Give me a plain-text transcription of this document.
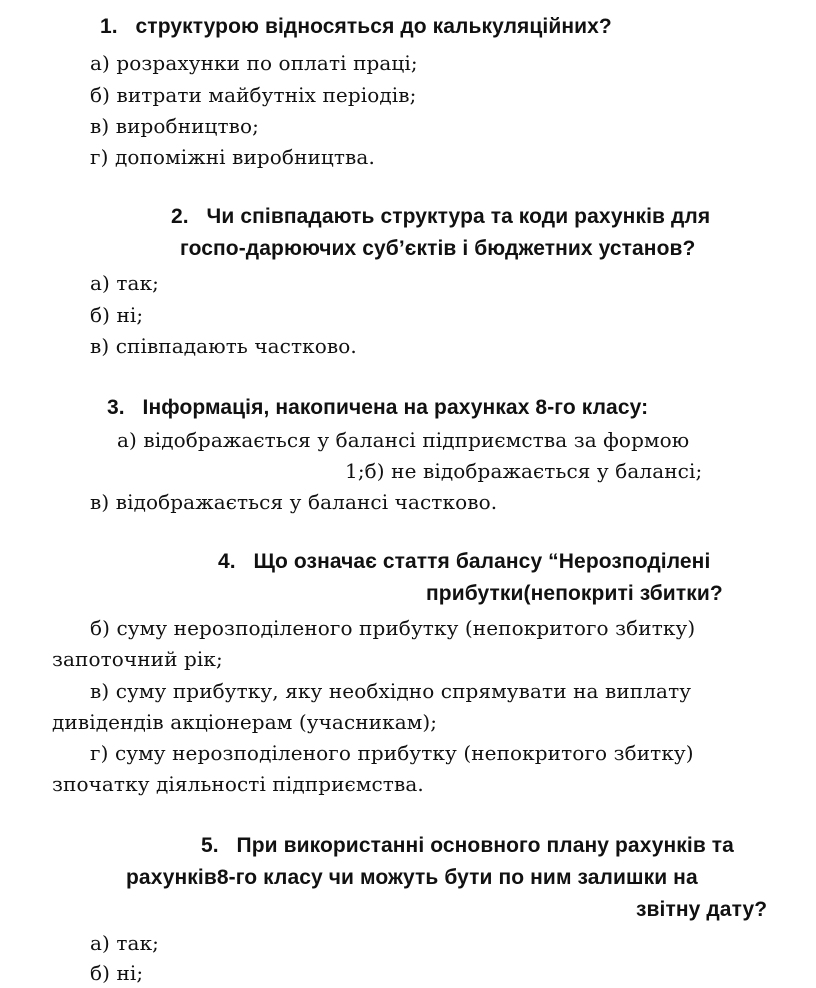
1. структурою відносяться до калькуляційних?
а) розрахунки по оплаті праці;
б) витрати майбутніх періодів;
в) виробництво;
г) допоміжні виробництва.
2. Чи співпадають структура та коди рахунків для
госпо-дарюючих суб’єктів і бюджетних установ?
а) так;
б) ні;
в) співпадають частково.
3. Інформація, накопичена на рахунках 8-го класу:
а) відображається у балансі підприємства за формою
1;б) не відображається у балансі;
в) відображається у балансі частково.
4. Що означає стаття балансу “Нерозподілені
прибутки(непокриті збитки?
б) суму нерозподіленого прибутку (непокритого збитку)
запоточний рік;
в) суму прибутку, яку необхідно спрямувати на виплату
дивідендів акціонерам (учасникам);
г) суму нерозподіленого прибутку (непокритого збитку)
зпочатку діяльності підприємства.
5. При використанні основного плану рахунків та
рахунків8-го класу чи можуть бути по ним залишки на
звітну дату?
а) так;
б) ні;
